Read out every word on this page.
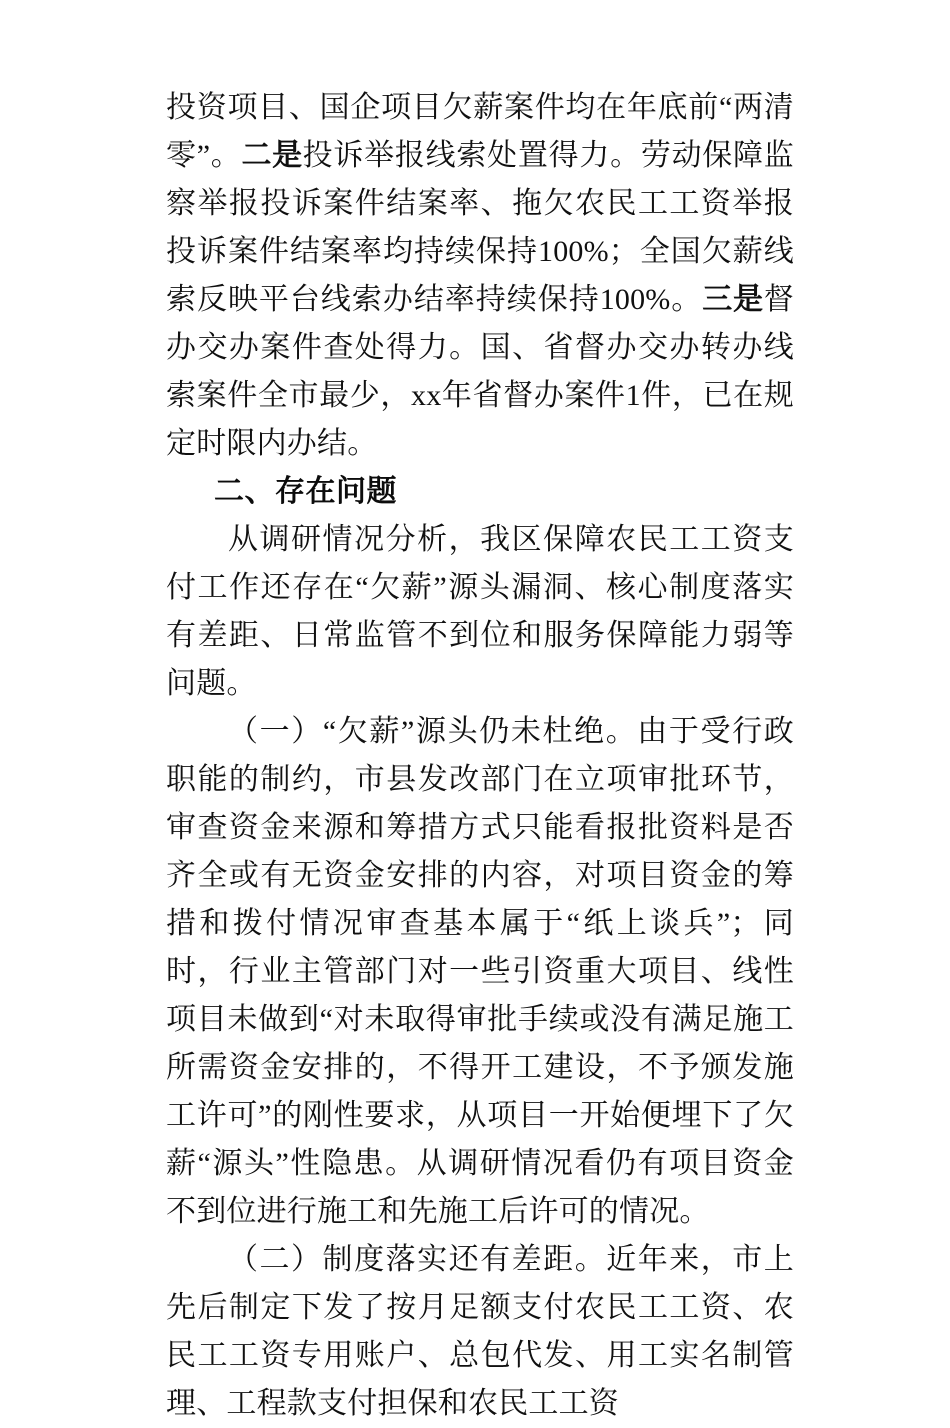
投资项目、国企项目欠薪案件均在年底前“两清零”。二是投诉举报线索处置得力。劳动保障监察举报投诉案件结案率、拖欠农民工工资举报投诉案件结案率均持续保持100%；全国欠薪线索反映平台线索办结率持续保持100%。三是督办交办案件查处得力。国、省督办交办转办线索案件全市最少，xx年省督办案件1件，已在规定时限内办结。

二、存在问题

从调研情况分析，我区保障农民工工资支付工作还存在“欠薪”源头漏洞、核心制度落实有差距、日常监管不到位和服务保障能力弱等问题。

（一）“欠薪”源头仍未杜绝。由于受行政职能的制约，市县发改部门在立项审批环节，审查资金来源和筹措方式只能看报批资料是否齐全或有无资金安排的内容，对项目资金的筹措和拨付情况审查基本属于“纸上谈兵”；同时，行业主管部门对一些引资重大项目、线性项目未做到“对未取得审批手续或没有满足施工所需资金安排的，不得开工建设，不予颁发施工许可”的刚性要求，从项目一开始便埋下了欠薪“源头”性隐患。从调研情况看仍有项目资金不到位进行施工和先施工后许可的情况。

（二）制度落实还有差距。近年来，市上先后制定下发了按月足额支付农民工工资、农民工工资专用账户、总包代发、用工实名制管理、工程款支付担保和农民工工资
